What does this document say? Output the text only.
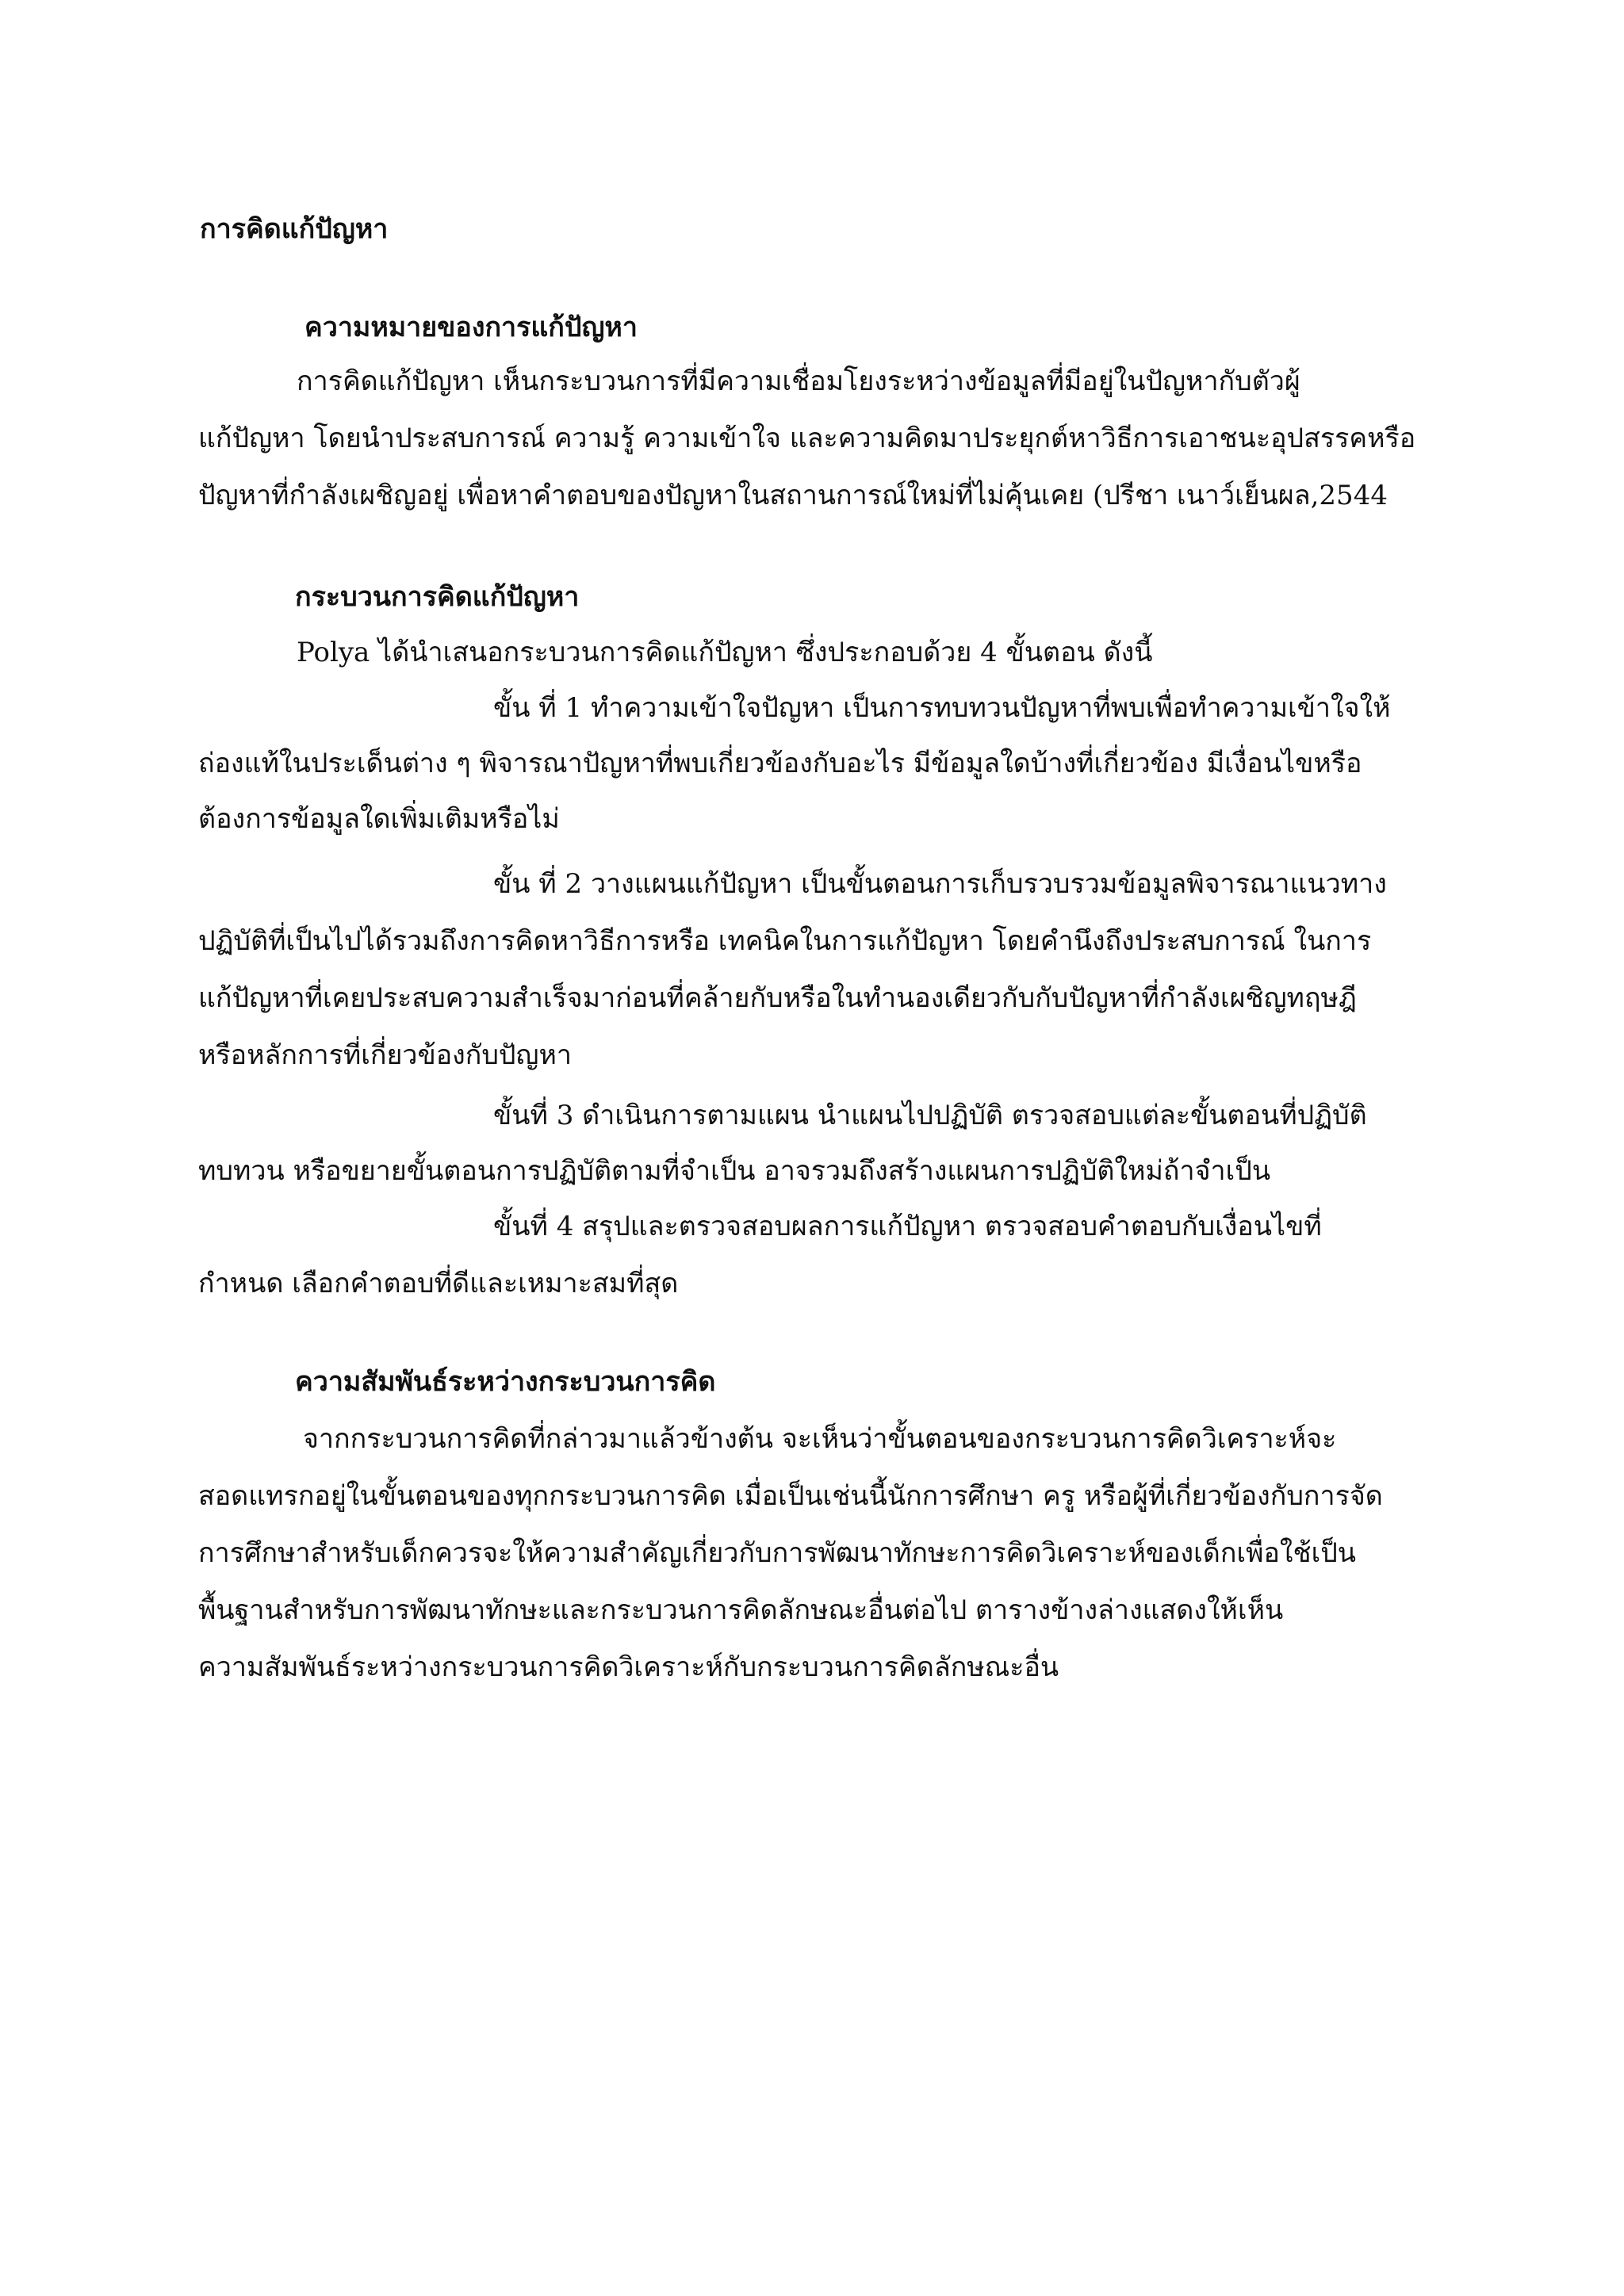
การคิดแก้ปัญหา
ความหมายของการแก้ปัญหา
การคิดแก้ปัญหา เห็นกระบวนการที่มีความเชื่อมโยงระหว่างข้อมูลที่มีอยู่ในปัญหากับตัวผู้
แก้ปัญหา โดยนำประสบการณ์ ความรู้ ความเข้าใจ และความคิดมาประยุกต์หาวิธีการเอาชนะอุปสรรคหรือ
ปัญหาที่กำลังเผชิญอยู่ เพื่อหาคำตอบของปัญหาในสถานการณ์ใหม่ที่ไม่คุ้นเคย (ปรีชา เนาว์เย็นผล,2544
กระบวนการคิดแก้ปัญหา
Polya ได้นำเสนอกระบวนการคิดแก้ปัญหา ซึ่งประกอบด้วย 4 ขั้นตอน ดังนี้
ขั้น ที่ 1 ทำความเข้าใจปัญหา เป็นการทบทวนปัญหาที่พบเพื่อทำความเข้าใจให้
ถ่องแท้ในประเด็นต่าง ๆ พิจารณาปัญหาที่พบเกี่ยวข้องกับอะไร มีข้อมูลใดบ้างที่เกี่ยวข้อง มีเงื่อนไขหรือ
ต้องการข้อมูลใดเพิ่มเติมหรือไม่
ขั้น ที่ 2 วางแผนแก้ปัญหา เป็นขั้นตอนการเก็บรวบรวมข้อมูลพิจารณาแนวทาง
ปฏิบัติที่เป็นไปได้รวมถึงการคิดหาวิธีการหรือ เทคนิคในการแก้ปัญหา โดยคำนึงถึงประสบการณ์ ในการ
แก้ปัญหาที่เคยประสบความสำเร็จมาก่อนที่คล้ายกับหรือในทำนองเดียวกับกับปัญหาที่กำลังเผชิญทฤษฎี
หรือหลักการที่เกี่ยวข้องกับปัญหา
ขั้นที่ 3 ดำเนินการตามแผน นำแผนไปปฏิบัติ ตรวจสอบแต่ละขั้นตอนที่ปฏิบัติ
ทบทวน หรือขยายขั้นตอนการปฏิบัติตามที่จำเป็น อาจรวมถึงสร้างแผนการปฏิบัติใหม่ถ้าจำเป็น
ขั้นที่ 4 สรุปและตรวจสอบผลการแก้ปัญหา ตรวจสอบคำตอบกับเงื่อนไขที่
กำหนด เลือกคำตอบที่ดีและเหมาะสมที่สุด
ความสัมพันธ์ระหว่างกระบวนการคิด
จากกระบวนการคิดที่กล่าวมาแล้วข้างต้น จะเห็นว่าขั้นตอนของกระบวนการคิดวิเคราะห์จะ
สอดแทรกอยู่ในขั้นตอนของทุกกระบวนการคิด เมื่อเป็นเช่นนี้นักการศึกษา ครู หรือผู้ที่เกี่ยวข้องกับการจัด
การศึกษาสำหรับเด็กควรจะให้ความสำคัญเกี่ยวกับการพัฒนาทักษะการคิดวิเคราะห์ของเด็กเพื่อใช้เป็น
พื้นฐานสำหรับการพัฒนาทักษะและกระบวนการคิดลักษณะอื่นต่อไป ตารางข้างล่างแสดงให้เห็น
ความสัมพันธ์ระหว่างกระบวนการคิดวิเคราะห์กับกระบวนการคิดลักษณะอื่น
